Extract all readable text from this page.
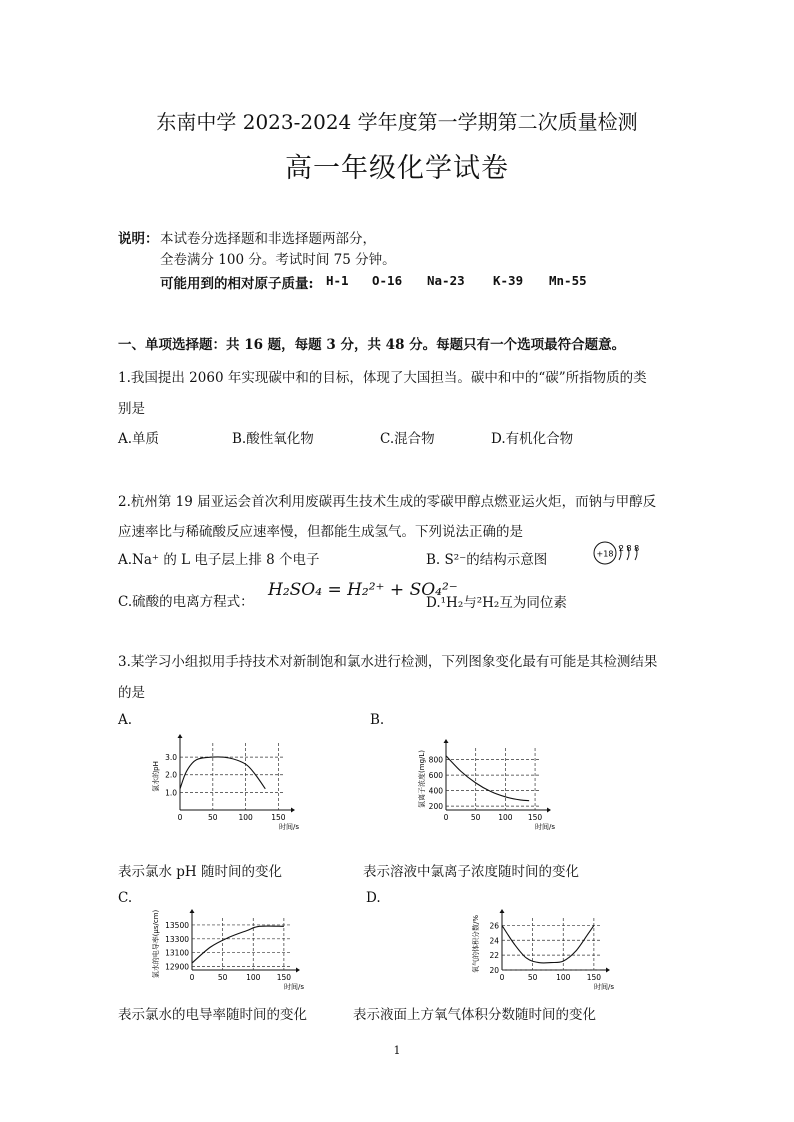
东南中学 2023-2024 学年度第一学期第二次质量检测
高一年级化学试卷
说明： 本试卷分选择题和非选择题两部分，
全卷满分 100 分。考试时间 75 分钟。
可能用到的相对原子质量: H-1 O-16 Na-23 K-39 Mn-55
一、单项选择题：共 16 题，每题 3 分，共 48 分。每题只有一个选项最符合题意。
1.我国提出 2060 年实现碳中和的目标，体现了大国担当。碳中和中的“碳”所指物质的类
别是
A.单质	B.酸性氧化物	C.混合物	D.有机化合物
2.杭州第 19 届亚运会首次利用废碳再生技术生成的零碳甲醇点燃亚运火炬，而钠与甲醇反
应速率比与稀硫酸反应速率慢，但都能生成氢气。下列说法正确的是
A.Na⁺ 的 L 电子层上排 8 个电子	B. S²⁻的结构示意图	+18
2 8 8
C.硫酸的电离方程式：
H₂SO₄ = H₂²⁺ + SO₄²⁻
D.¹H₂与²H₂互为同位素
3.某学习小组拟用手持技术对新制饱和氯水进行检测，下列图象变化最有可能是其检测结果
的是
A.	B.
1.0
2.0
3.0
0	50	100 150
时间/s
氯水的pH
200
400
600
800
0	50 100 150
时间/s
氯离子浓度(mg/L)
表示氯水 pH 随时间的变化	表示溶液中氯离子浓度随时间的变化
C.	D.
12900
13100
13300
13500
0	50 100 150
时间/s
氯水的电导率(μs/cm)	20
22
24
26
0	50 100 150
时间/s
氧气的体积分数/%
表示氯水的电导率随时间的变化	表示液面上方氧气体积分数随时间的变化
1
